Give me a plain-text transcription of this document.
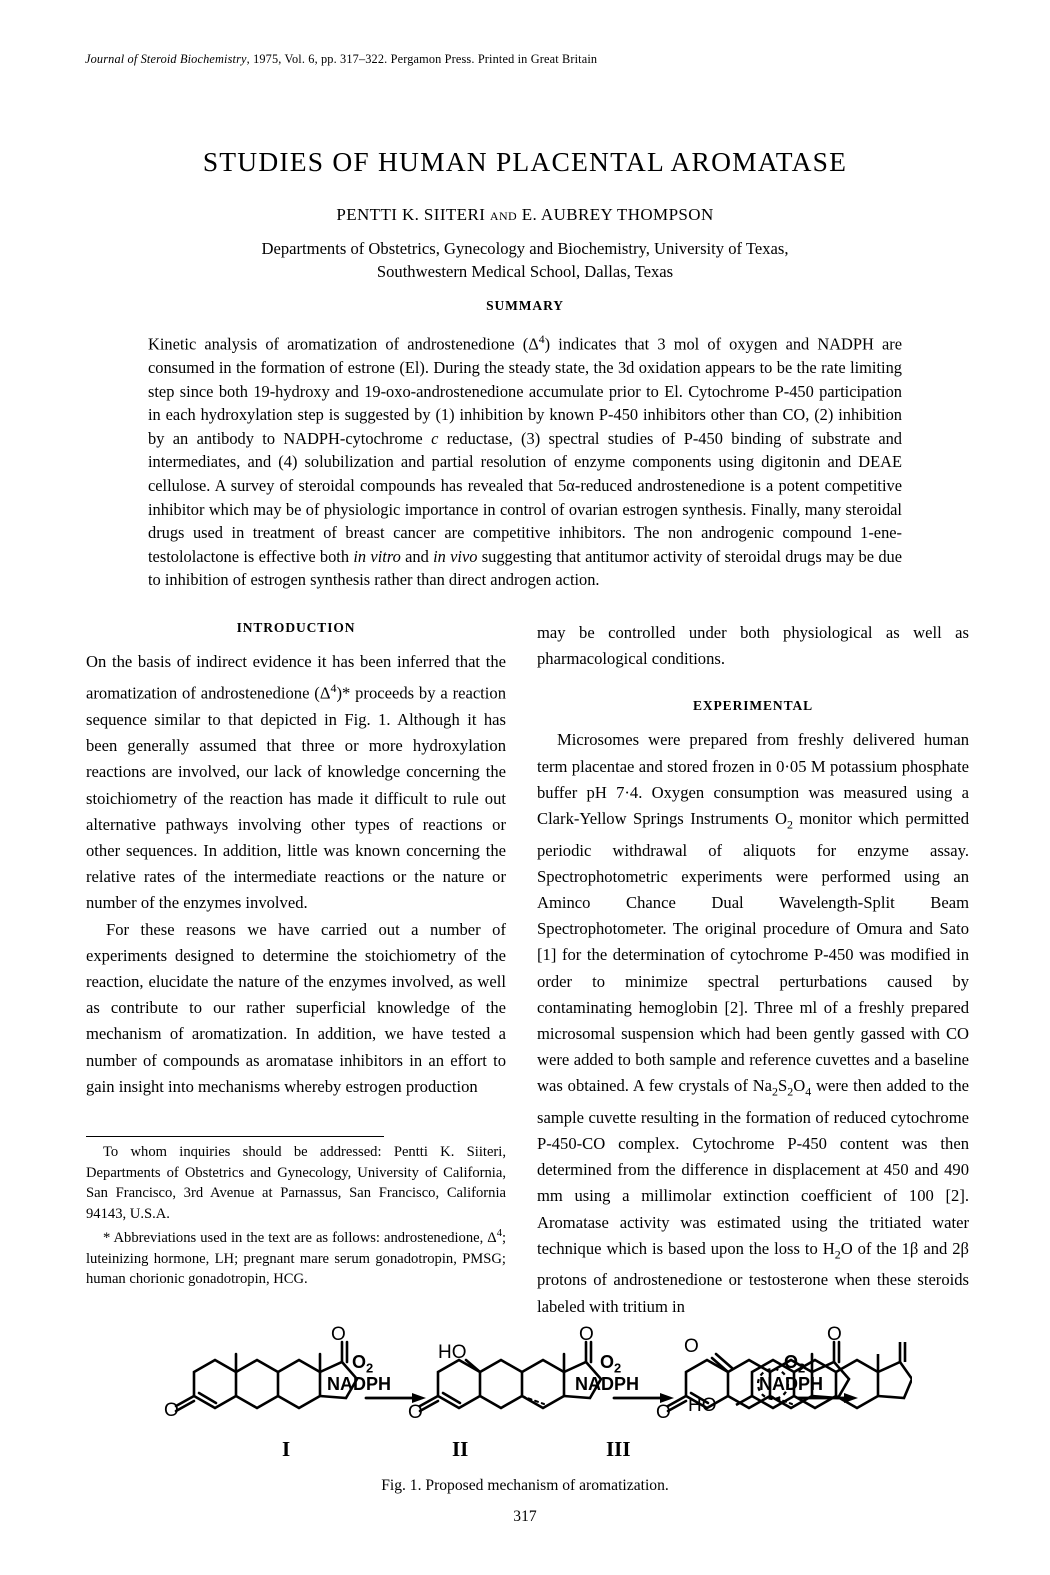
Journal of Steroid Biochemistry, 1975, Vol. 6, pp. 317–322. Pergamon Press. Printed in Great Britain
STUDIES OF HUMAN PLACENTAL AROMATASE
PENTTI K. SIITERI and E. AUBREY THOMPSON
Departments of Obstetrics, Gynecology and Biochemistry, University of Texas,
Southwestern Medical School, Dallas, Texas
SUMMARY
Kinetic analysis of aromatization of androstenedione $(\Delta^4)$ indicates that 3 mol of oxygen and NADPH are consumed in the formation of estrone (El). During the steady state, the 3d oxidation appears to be the rate limiting step since both 19-hydroxy and 19-oxo-androstenedione accumulate prior to El. Cytochrome P-450 participation in each hydroxylation step is suggested by (1) inhibition by known P-450 inhibitors other than CO, (2) inhibition by an antibody to NADPH-cytochrome c reductase, (3) spectral studies of P-450 binding of substrate and intermediates, and (4) solubilization and partial resolution of enzyme components using digitonin and DEAE cellulose. A survey of steroidal compounds has revealed that 5α-reduced androstenedione is a potent competitive inhibitor which may be of physiologic importance in control of ovarian estrogen synthesis. Finally, many steroidal drugs used in treatment of breast cancer are competitive inhibitors. The non androgenic compound 1-ene-testololactone is effective both in vitro and in vivo suggesting that antitumor activity of steroidal drugs may be due to inhibition of estrogen synthesis rather than direct androgen action.
INTRODUCTION

On the basis of indirect evidence it has been inferred that the aromatization of androstenedione $(\Delta^4)*$ proceeds by a reaction sequence similar to that depicted in Fig. 1. Although it has been generally assumed that three or more hydroxylation reactions are involved, our lack of knowledge concerning the stoichiometry of the reaction has made it difficult to rule out alternative pathways involving other types of reactions or other sequences. In addition, little was known concerning the relative rates of the intermediate reactions or the nature or number of the enzymes involved.

For these reasons we have carried out a number of experiments designed to determine the stoichiometry of the reaction, elucidate the nature of the enzymes involved, as well as contribute to our rather superficial knowledge of the mechanism of aromatization. In addition, we have tested a number of compounds as aromatase inhibitors in an effort to gain insight into mechanisms whereby estrogen production

To whom inquiries should be addressed: Pentti K. Siiteri, Departments of Obstetrics and Gynecology, University of California, San Francisco, 3rd Avenue at Parnassus, San Francisco, California 94143, U.S.A.

* Abbreviations used in the text are as follows: androstenedione, $\Delta^4$; luteinizing hormone, LH; pregnant mare serum gonadotropin, PMSG; human chorionic gonadotropin, HCG.

may be controlled under both physiological as well as pharmacological conditions.

EXPERIMENTAL

Microsomes were prepared from freshly delivered human term placentae and stored frozen in 0·05 M potassium phosphate buffer pH 7·4. Oxygen consumption was measured using a Clark-Yellow Springs Instruments $O_2$ monitor which permitted periodic withdrawal of aliquots for enzyme assay. Spectrophotometric experiments were performed using an Aminco Chance Dual Wavelength-Split Beam Spectrophotometer. The original procedure of Omura and Sato [1] for the determination of cytochrome P-450 was modified in order to minimize spectral perturbations caused by contaminating hemoglobin [2]. Three ml of a freshly prepared microsomal suspension which had been gently gassed with CO were added to both sample and reference cuvettes and a baseline was obtained. A few crystals of $Na_2S_2O_4$ were then added to the sample cuvette resulting in the formation of reduced cytochrome P-450-CO complex. Cytochrome P-450 content was then determined from the difference in displacement at 450 and 490 mm using a millimolar extinction coefficient of 100 [2]. Aromatase activity was estimated using the tritiated water technique which is based upon the loss to $H_2O$ of the 1β and 2β protons of androstenedione or testosterone when these steroids labeled with tritium in

O
O
O
HO
O
O
O
O
HO
$O_2$
NADPH
$O_2$
NADPH
$O_2$
NADPH
I	II	III
Fig. 1. Proposed mechanism of aromatization.
317
